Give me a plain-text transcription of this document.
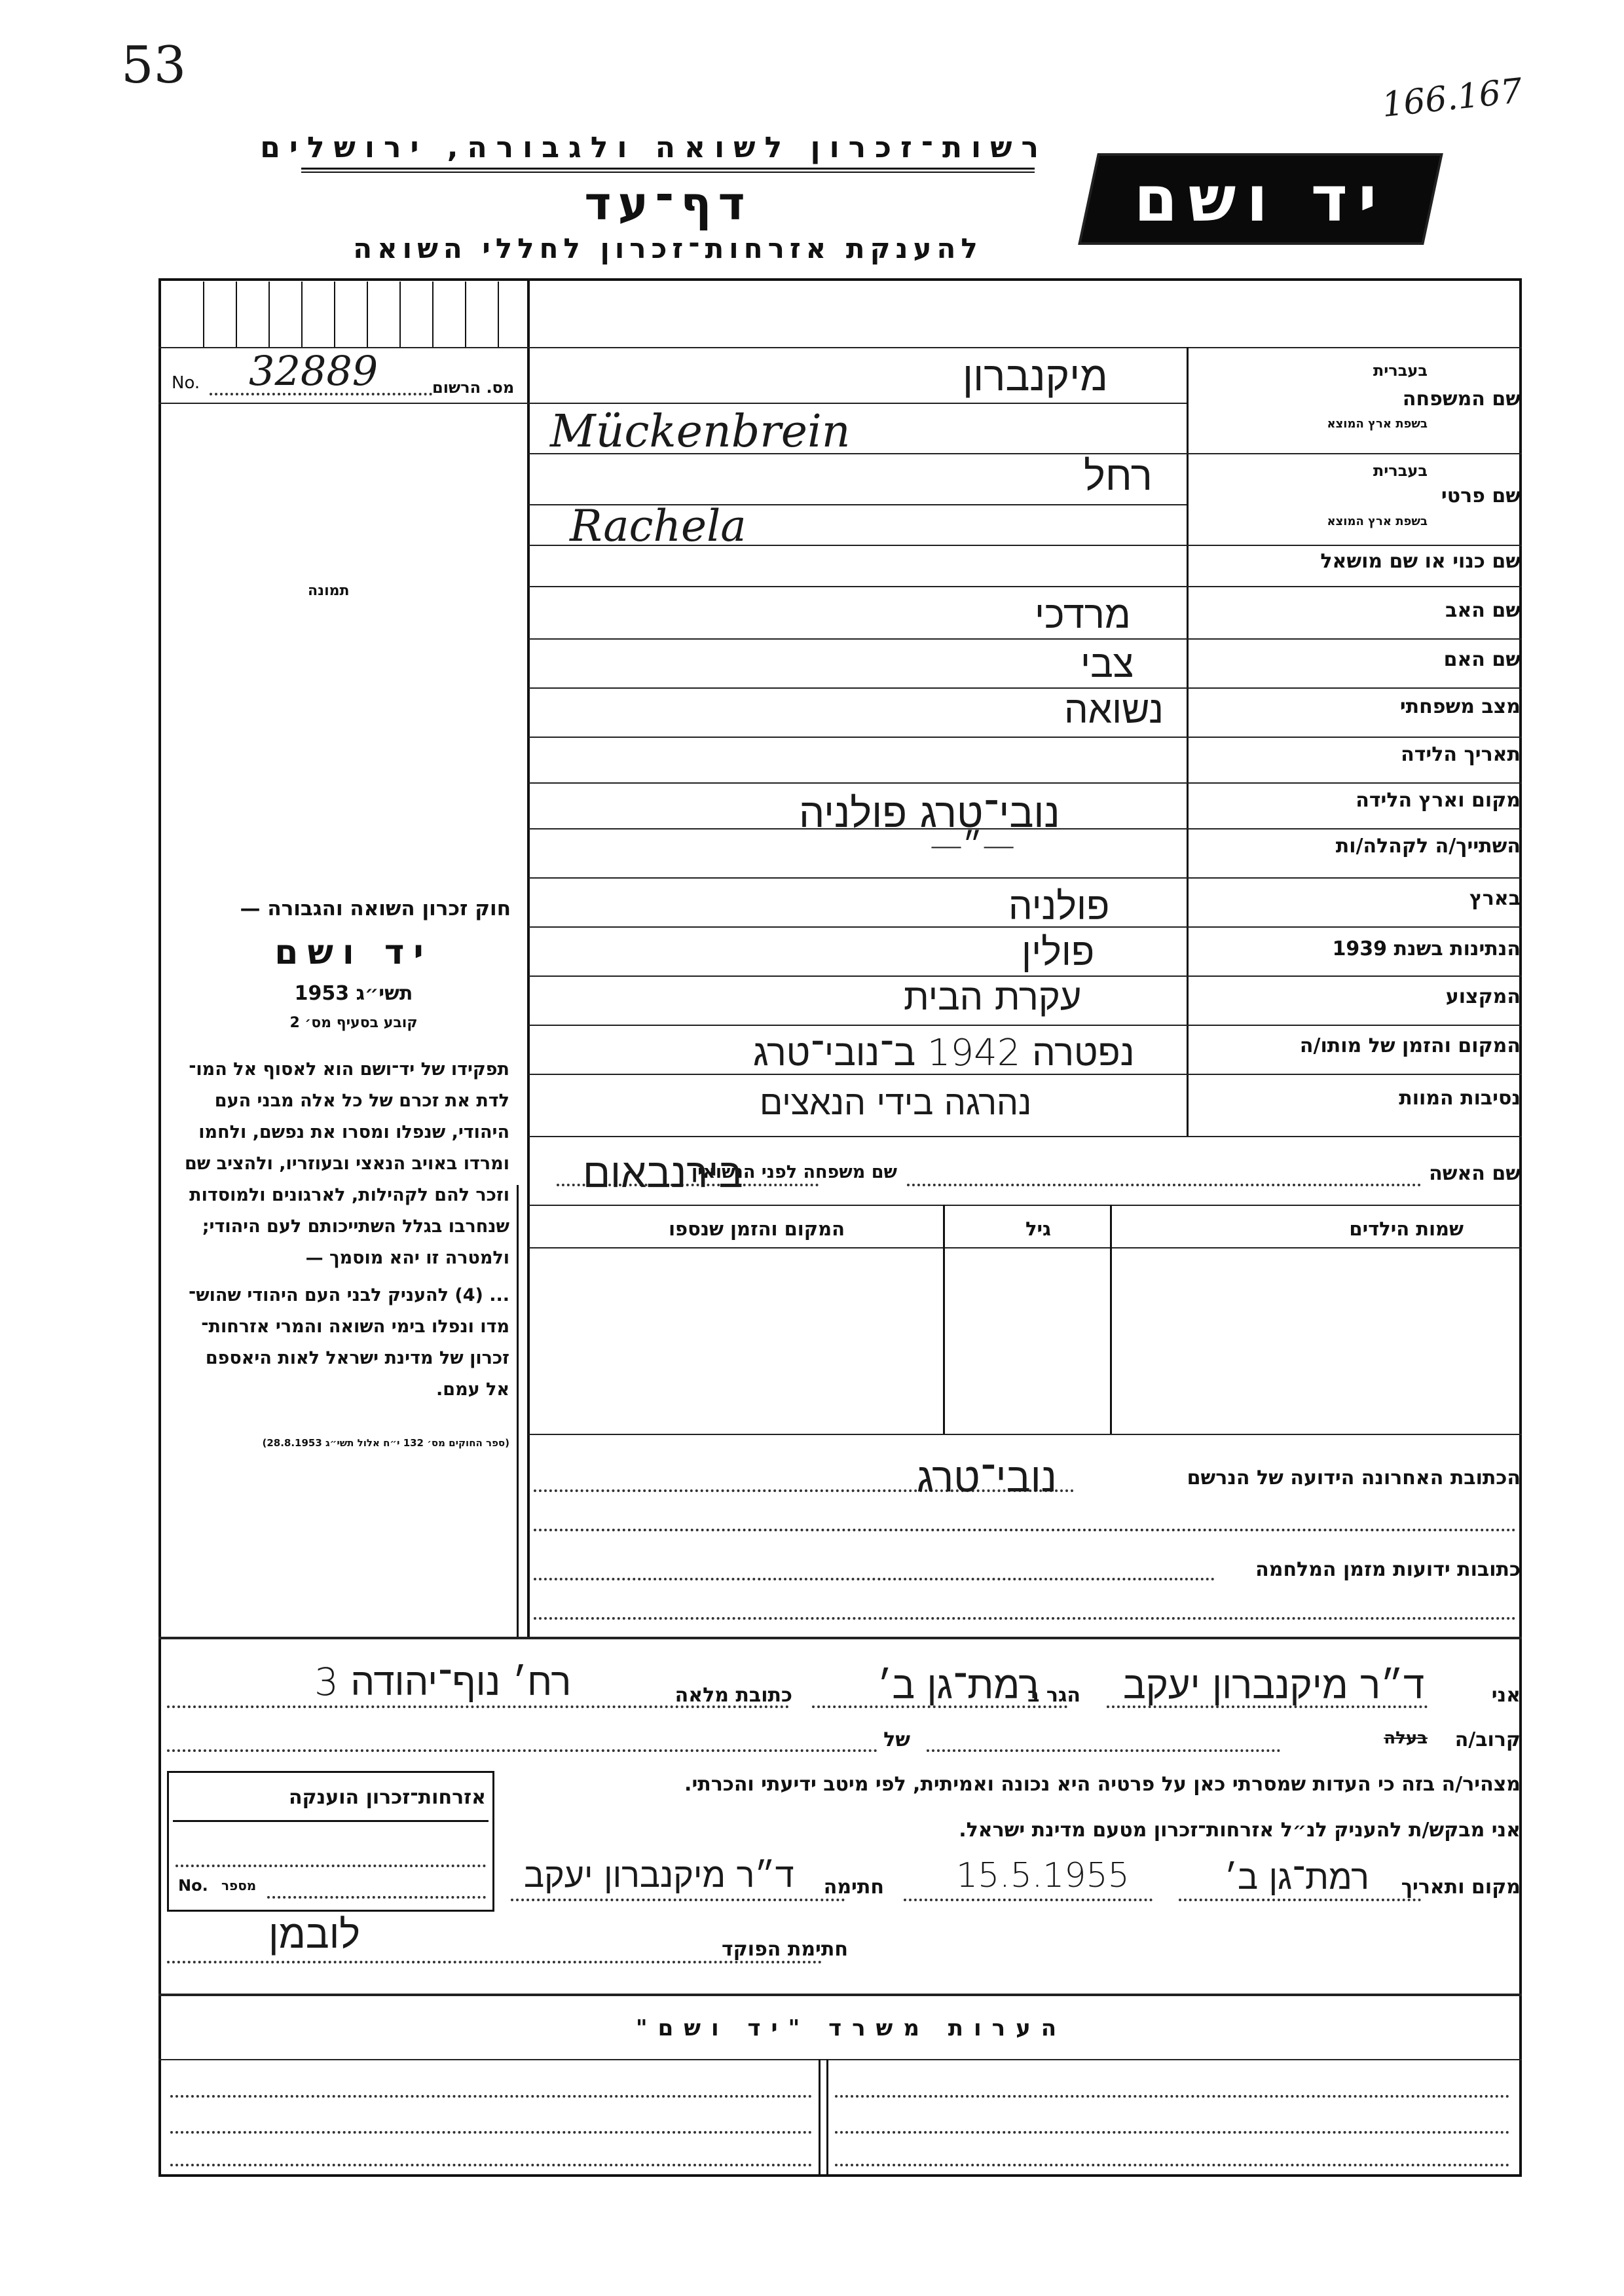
53
166.167
יד ושם
רשות־זכרון לשואה ולגבורה, ירושלים
דף־עד
להענקת אזרחות־זכרון לחללי השואה
No. 32889	מס. הרשום
תמונה
חוק זכרון השואה והגבורה —
יד ושם
תשי״ג 1953
קובע בסעיף מס׳ 2
תפקידו של יד־ושם הוא לאסוף אל המו־
לדת את זכרם של כל אלה מבני העם
היהודי, שנפלו ומסרו את נפשם, ולחמו
ומרדו באויב הנאצי ובעוזריו, ולהציב שם
וזכר להם לקהילות, לארגונים ולמוסדות
שנחרבו בגלל השתייכותם לעם היהודי;
ולמטרה זו יהא מוסמך —
... (4) להעניק לבני העם היהודי שהוש־
מדו ונפלו בימי השואה והמרי אזרחות־
זכרון של מדינת ישראל לאות היאספם
אל עמם.
(ספר החוקים מס׳ 132 י״ח אלול תשי״ג 28.8.1953)
שם המשפחה
בעברית
בשפת ארץ המוצא
מיקנברון
Mückenbrein
שם פרטי
בעברית
בשפת ארץ המוצא
רחל
Rachela
שם כנוי או שם מושאל
שם האב
מרדכי
שם האם
צבי
מצב משפחתי
נשואה
תאריך הלידה
מקום וארץ הלידה
נובי־טרג פולניה
השתייך/ה לקהלה/ות
—״—
בארץ
פולניה
הנתינות בשנת 1939
פולין
המקצוע
עקרת הבית
המקום והזמן של מותו/ה
נפטרה 1942 ב־נובי־טרג
נסיבות המוות
נהרגה בידי הנאצים
שם האשה
שם משפחה לפני הנשואין
בירנבאום
שמות הילדים
גיל
המקום והזמן שנספו
הכתובת האחרונה הידועה של הנרשם
נובי־טרג
כתובות ידועות מזמן המלחמה
אני
ד״ר מיקנברון יעקב
הגר ב
רמת־גן ב׳
כתובת מלאה
רח׳ נוף־יהודה 3
קרוב/ה
בעלה
של
מצהיר/ה בזה כי העדות שמסרתי כאן על פרטיה היא נכונה ואמיתית, לפי מיטב ידיעתי והכרתי.
אני מבקש/ת להעניק לנ״ל אזרחות־זכרון מטעם מדינת ישראל.
מקום ותאריך
רמת־גן ב׳
15.5.1955
חתימה
ד״ר מיקנברון יעקב
חתימת הפוקד
לובמן
אזרחות־זכרון הוענקה
No. מספר
הערות משרד "יד ושם"
